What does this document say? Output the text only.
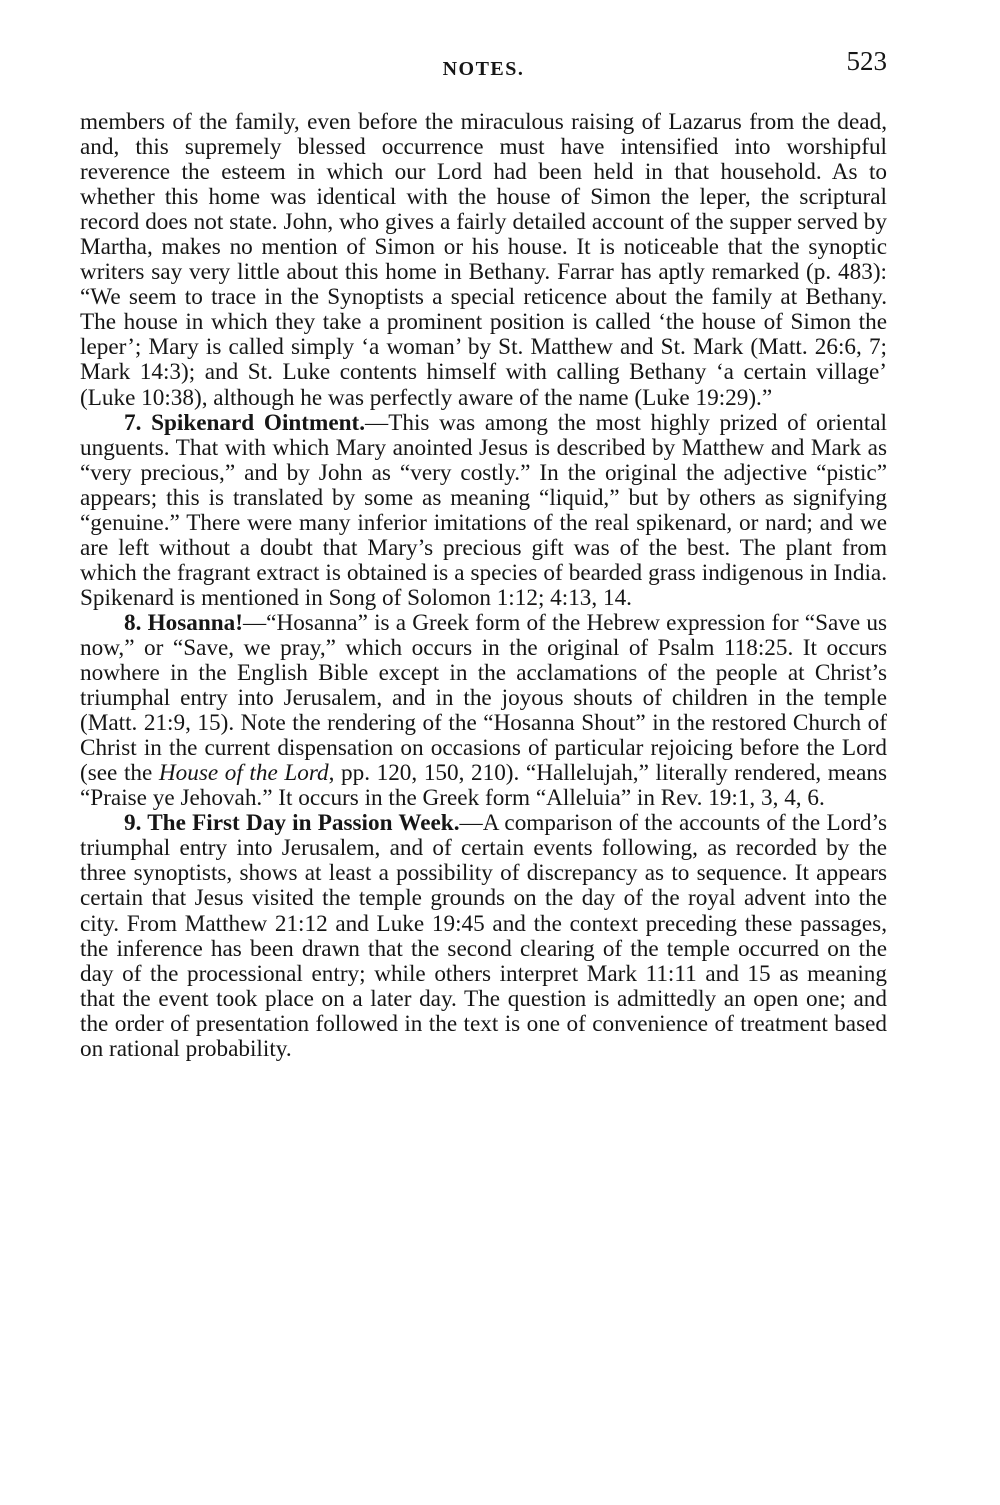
NOTES.	523

members of the family, even before the miraculous raising of Lazarus from the dead, and, this supremely blessed occurrence must have intensified into worshipful reverence the esteem in which our Lord had been held in that household. As to whether this home was identical with the house of Simon the leper, the scriptural record does not state. John, who gives a fairly detailed account of the supper served by Martha, makes no mention of Simon or his house. It is noticeable that the synoptic writers say very little about this home in Bethany. Farrar has aptly remarked (p. 483): “We seem to trace in the Synoptists a special reticence about the family at Bethany. The house in which they take a prominent position is called ‘the house of Simon the leper’; Mary is called simply ‘a woman’ by St. Matthew and St. Mark (Matt. 26:6, 7; Mark 14:3); and St. Luke contents himself with calling Bethany ‘a certain village’ (Luke 10:38), although he was perfectly aware of the name (Luke 19:29).”

7. Spikenard Ointment.—This was among the most highly prized of oriental unguents. That with which Mary anointed Jesus is described by Matthew and Mark as “very precious,” and by John as “very costly.” In the original the adjective “pistic” appears; this is translated by some as meaning “liquid,” but by others as signifying “genuine.” There were many inferior imitations of the real spikenard, or nard; and we are left without a doubt that Mary’s precious gift was of the best. The plant from which the fragrant extract is obtained is a species of bearded grass indigenous in India. Spikenard is mentioned in Song of Solomon 1:12; 4:13, 14.

8. Hosanna!—“Hosanna” is a Greek form of the Hebrew expression for “Save us now,” or “Save, we pray,” which occurs in the original of Psalm 118:25. It occurs nowhere in the English Bible except in the acclamations of the people at Christ’s triumphal entry into Jerusalem, and in the joyous shouts of children in the temple (Matt. 21:9, 15). Note the rendering of the “Hosanna Shout” in the restored Church of Christ in the current dispensation on occasions of particular rejoicing before the Lord (see the House of the Lord, pp. 120, 150, 210). “Hallelujah,” literally rendered, means “Praise ye Jehovah.” It occurs in the Greek form “Alleluia” in Rev. 19:1, 3, 4, 6.

9. The First Day in Passion Week.—A comparison of the accounts of the Lord’s triumphal entry into Jerusalem, and of certain events following, as recorded by the three synoptists, shows at least a possibility of discrepancy as to sequence. It appears certain that Jesus visited the temple grounds on the day of the royal advent into the city. From Matthew 21:12 and Luke 19:45 and the context preceding these passages, the inference has been drawn that the second clearing of the temple occurred on the day of the processional entry; while others interpret Mark 11:11 and 15 as meaning that the event took place on a later day. The question is admittedly an open one; and the order of presentation followed in the text is one of convenience of treatment based on rational probability.
